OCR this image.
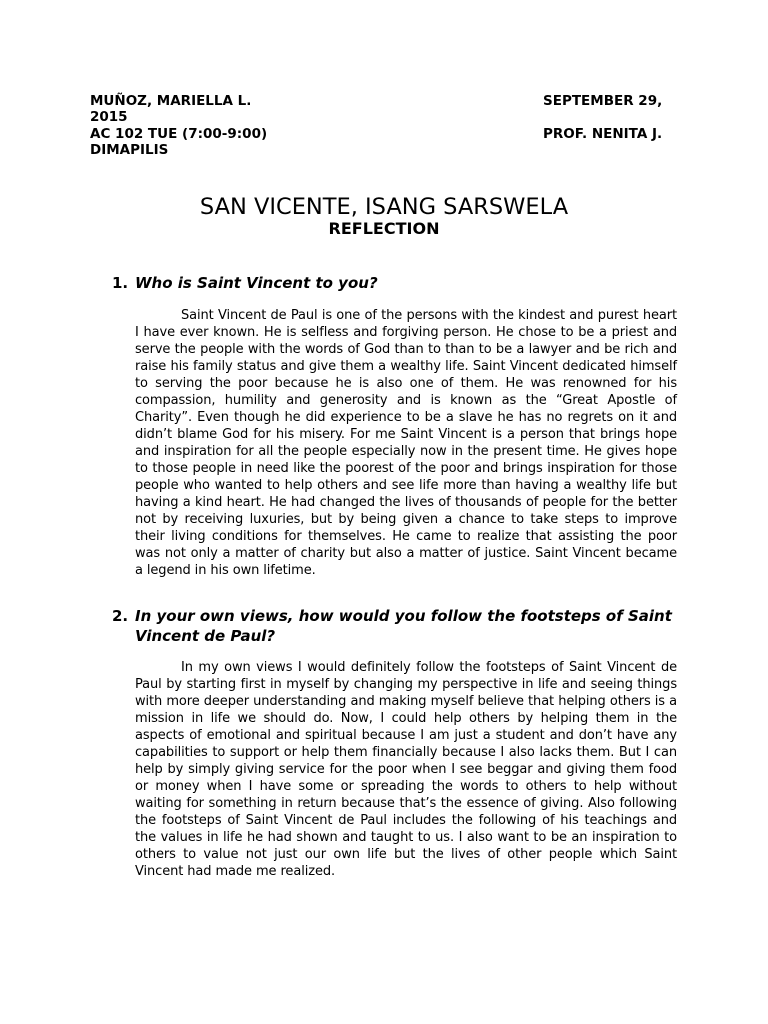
MUÑOZ, MARIELLA L.	SEPTEMBER 29,
2015
AC 102 TUE (7:00-9:00)	PROF. NENITA J.
DIMAPILIS
SAN VICENTE, ISANG SARSWELA
REFLECTION
1. Who is Saint Vincent to you?

Saint Vincent de Paul is one of the persons with the kindest and purest heart I have ever known. He is selfless and forgiving person. He chose to be a priest and serve the people with the words of God than to than to be a lawyer and be rich and raise his family status and give them a wealthy life. Saint Vincent dedicated himself to serving the poor because he is also one of them. He was renowned for his compassion, humility and generosity and is known as the “Great Apostle of Charity”. Even though he did experience to be a slave he has no regrets on it and didn’t blame God for his misery. For me Saint Vincent is a person that brings hope and inspiration for all the people especially now in the present time. He gives hope to those people in need like the poorest of the poor and brings inspiration for those people who wanted to help others and see life more than having a wealthy life but having a kind heart. He had changed the lives of thousands of people for the better not by receiving luxuries, but by being given a chance to take steps to improve their living conditions for themselves. He came to realize that assisting the poor was not only a matter of charity but also a matter of justice. Saint Vincent became a legend in his own lifetime.

2. In your own views, how would you follow the footsteps of Saint Vincent de Paul?

In my own views I would definitely follow the footsteps of Saint Vincent de Paul by starting first in myself by changing my perspective in life and seeing things with more deeper understanding and making myself believe that helping others is a mission in life we should do. Now, I could help others by helping them in the aspects of emotional and spiritual because I am just a student and don’t have any capabilities to support or help them financially because I also lacks them. But I can help by simply giving service for the poor when I see beggar and giving them food or money when I have some or spreading the words to others to help without waiting for something in return because that’s the essence of giving. Also following the footsteps of Saint Vincent de Paul includes the following of his teachings and the values in life he had shown and taught to us. I also want to be an inspiration to others to value not just our own life but the lives of other people which Saint Vincent had made me realized.
